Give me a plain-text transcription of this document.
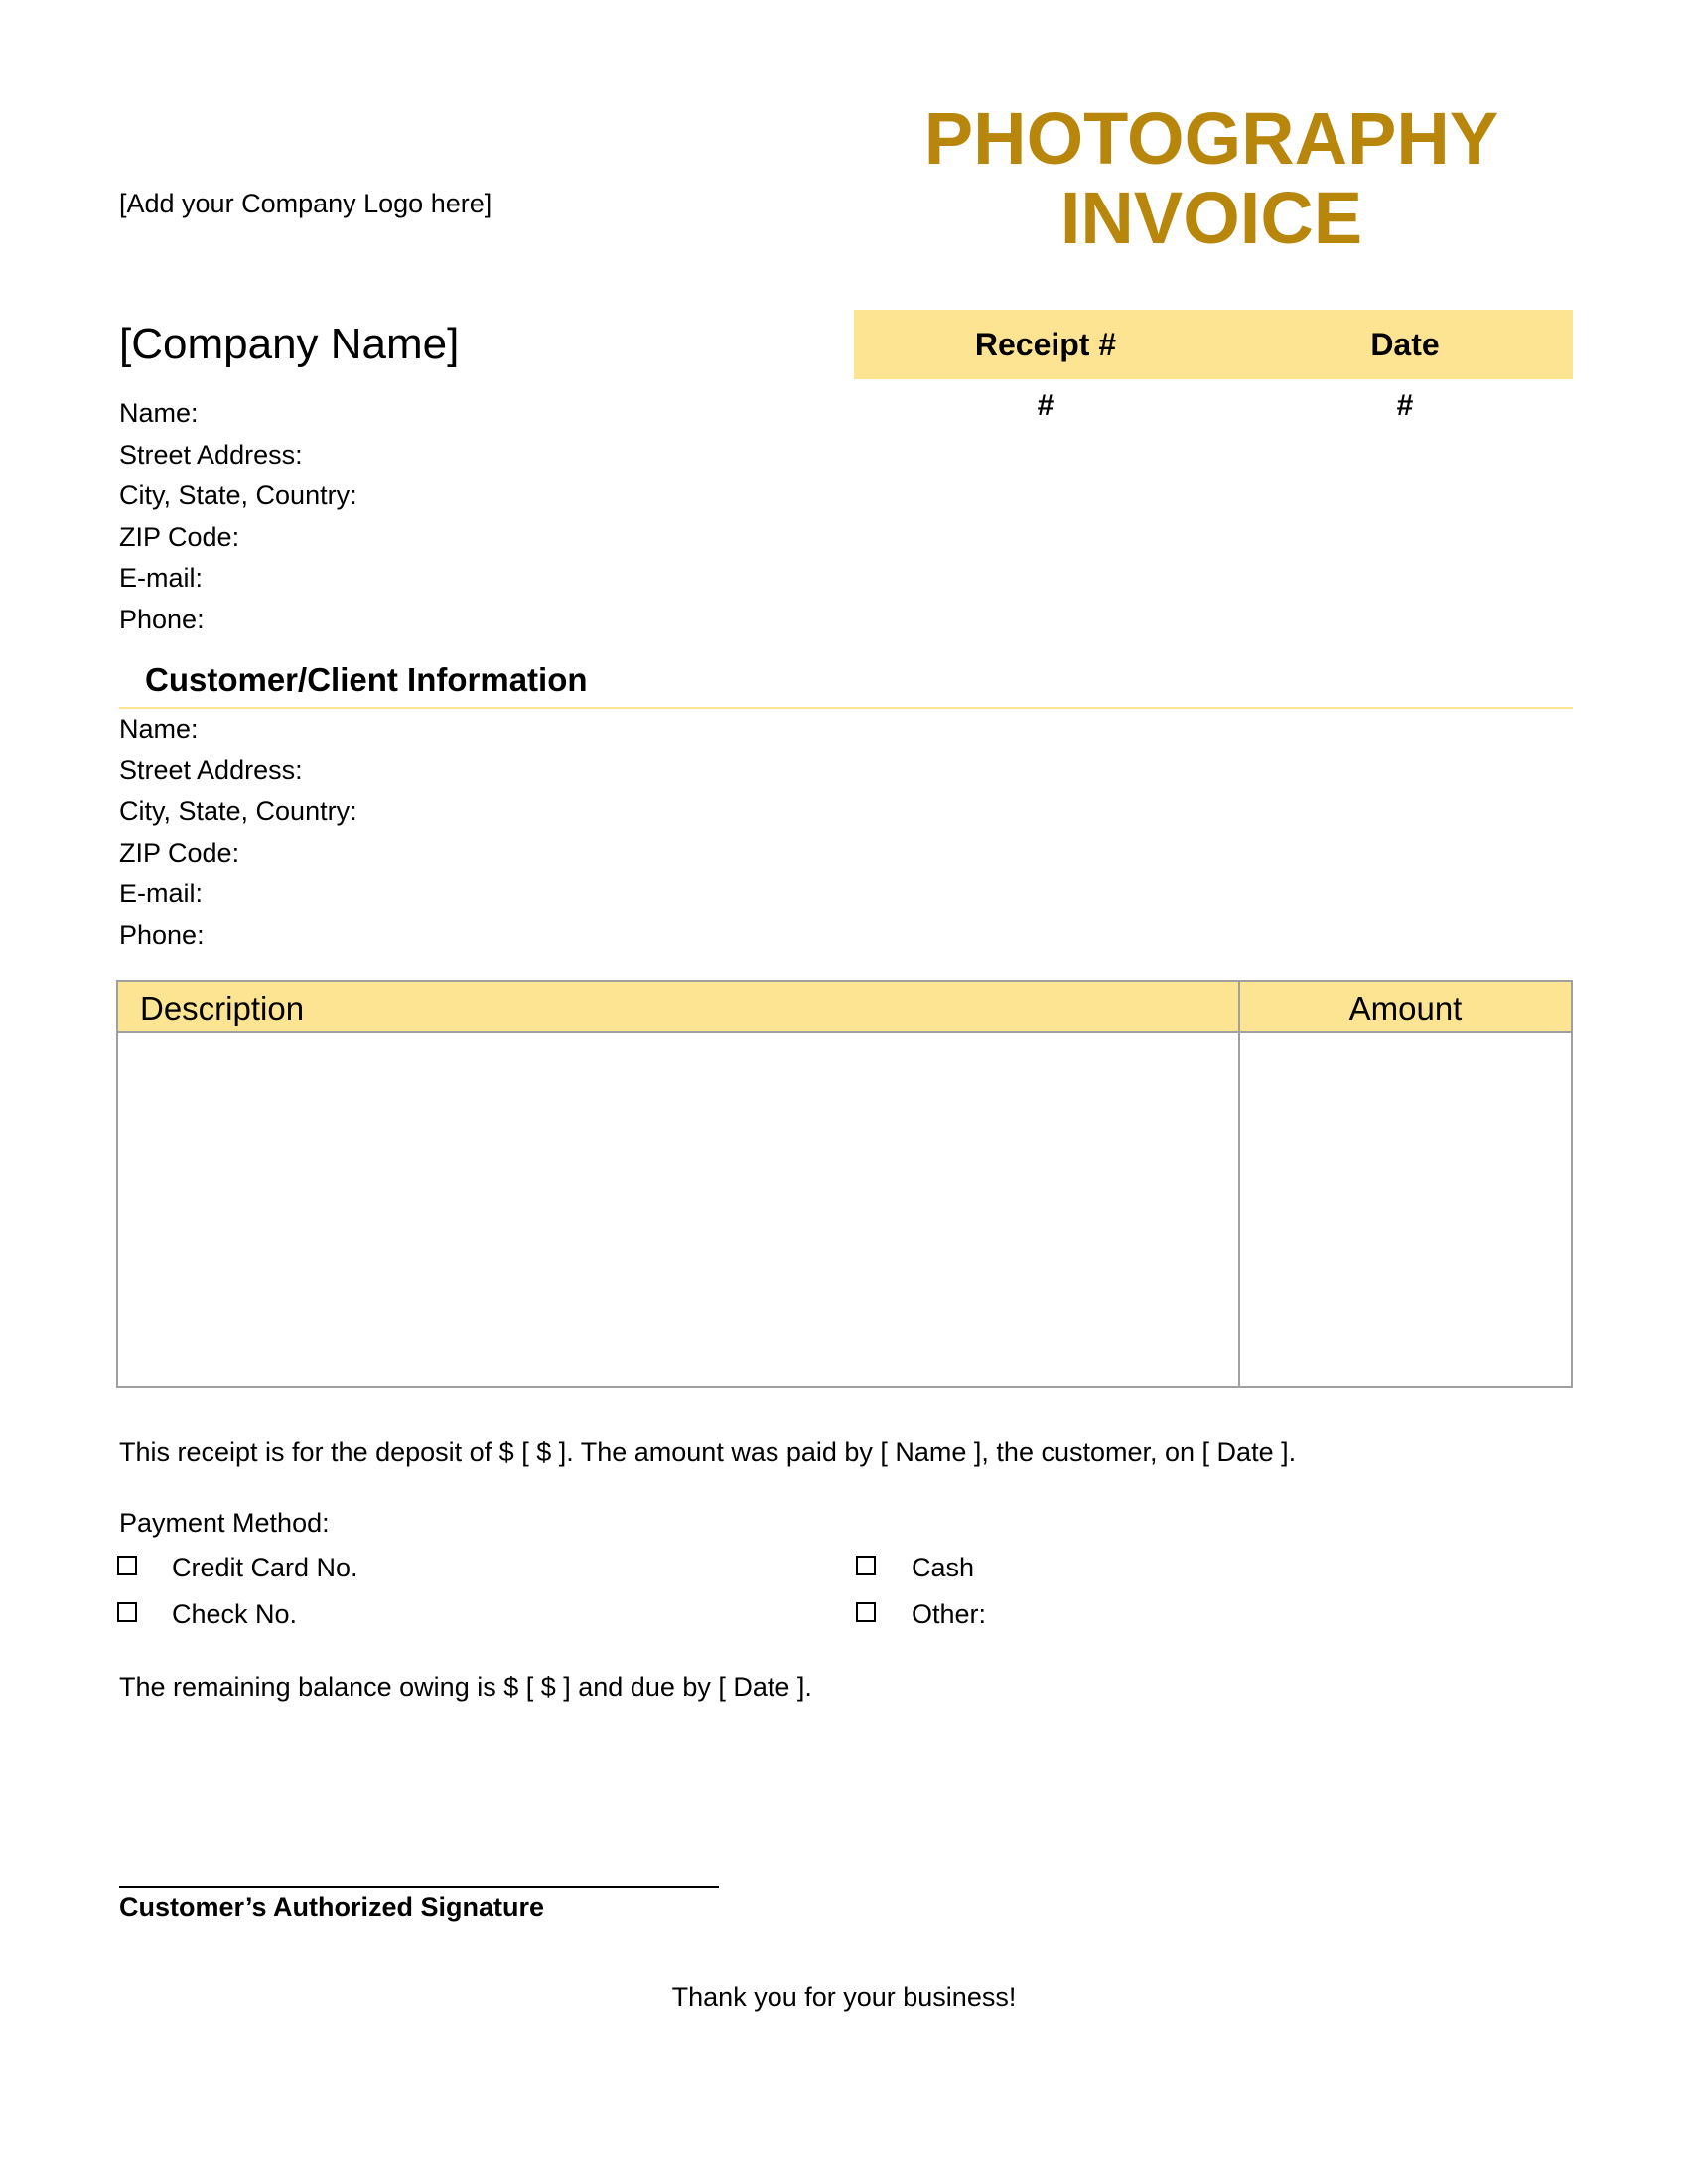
[Add your Company Logo here]
PHOTOGRAPHY
INVOICE
[Company Name]	Receipt #	Date
#	#
Name:
Street Address:
City, State, Country:
ZIP Code:
E-mail:
Phone:
Customer/Client Information
Name:
Street Address:
City, State, Country:
ZIP Code:
E-mail:
Phone:
Description	Amount
This receipt is for the deposit of $ [ $ ]. The amount was paid by [ Name ], the customer, on [ Date ].
Payment Method:
Credit Card No.	Cash
Check No.	Other:
The remaining balance owing is $ [ $ ] and due by [ Date ].
Customer’s Authorized Signature
Thank you for your business!
